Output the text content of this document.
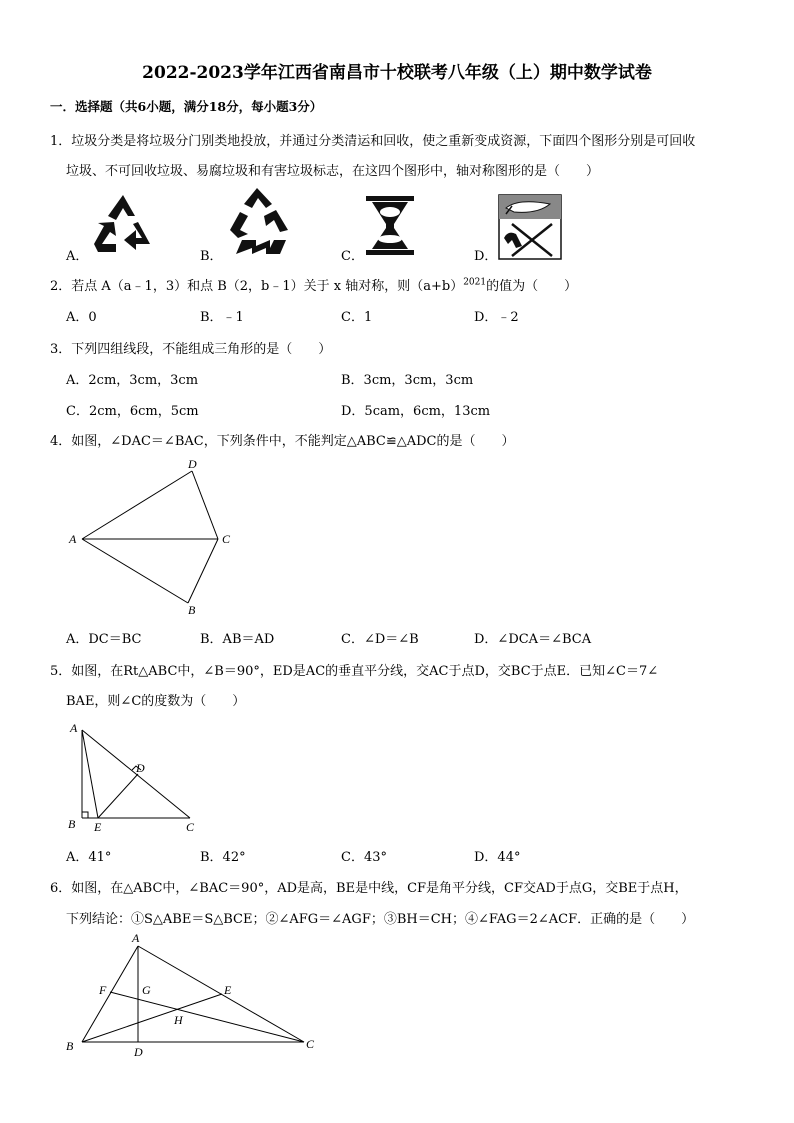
2022-2023学年江西省南昌市十校联考八年级（上）期中数学试卷
一．选择题（共6小题，满分18分，每小题3分）
1．垃圾分类是将垃圾分门别类地投放，并通过分类清运和回收，使之重新变成资源，下面四个图形分别是可回收
垃圾、不可回收垃圾、易腐垃圾和有害垃圾标志，在这四个图形中，轴对称图形的是（　　）
A．	B．	C．	D．
2．若点 A（a﹣1，3）和点 B（2，b﹣1）关于 x 轴对称，则$(a+b)^{2021}$的值为（　　）
A．0	B．﹣1	C．1	D．﹣2
3．下列四组线段，不能组成三角形的是（　　）
A．2cm，3cm，3cm	B．3cm，3cm，3cm
C．2cm，6cm，5cm	D．5cam，6cm，13cm
4．如图，∠DAC＝∠BAC，下列条件中，不能判定△ABC≌△ADC的是（　　）
D
A	C
B
A．DC＝BC	B．AB＝AD	C．∠D＝∠B	D．∠DCA＝∠BCA
5．如图，在Rt△ABC中，∠B＝90°，ED是AC的垂直平分线，交AC于点D，交BC于点E．已知∠C＝7∠
BAE，则∠C的度数为（　　）
A
D
B E	C
A．41°	B．42°	C．43°	D．44°
6．如图，在△ABC中，∠BAC＝90°，AD是高，BE是中线，CF是角平分线，CF交AD于点G，交BE于点H，
下列结论：①S△ABE＝S△BCE；②∠AFG＝∠AGF；③BH＝CH；④∠FAG＝2∠ACF．正确的是（　　）
A
F	G	E
H
B	D
C
